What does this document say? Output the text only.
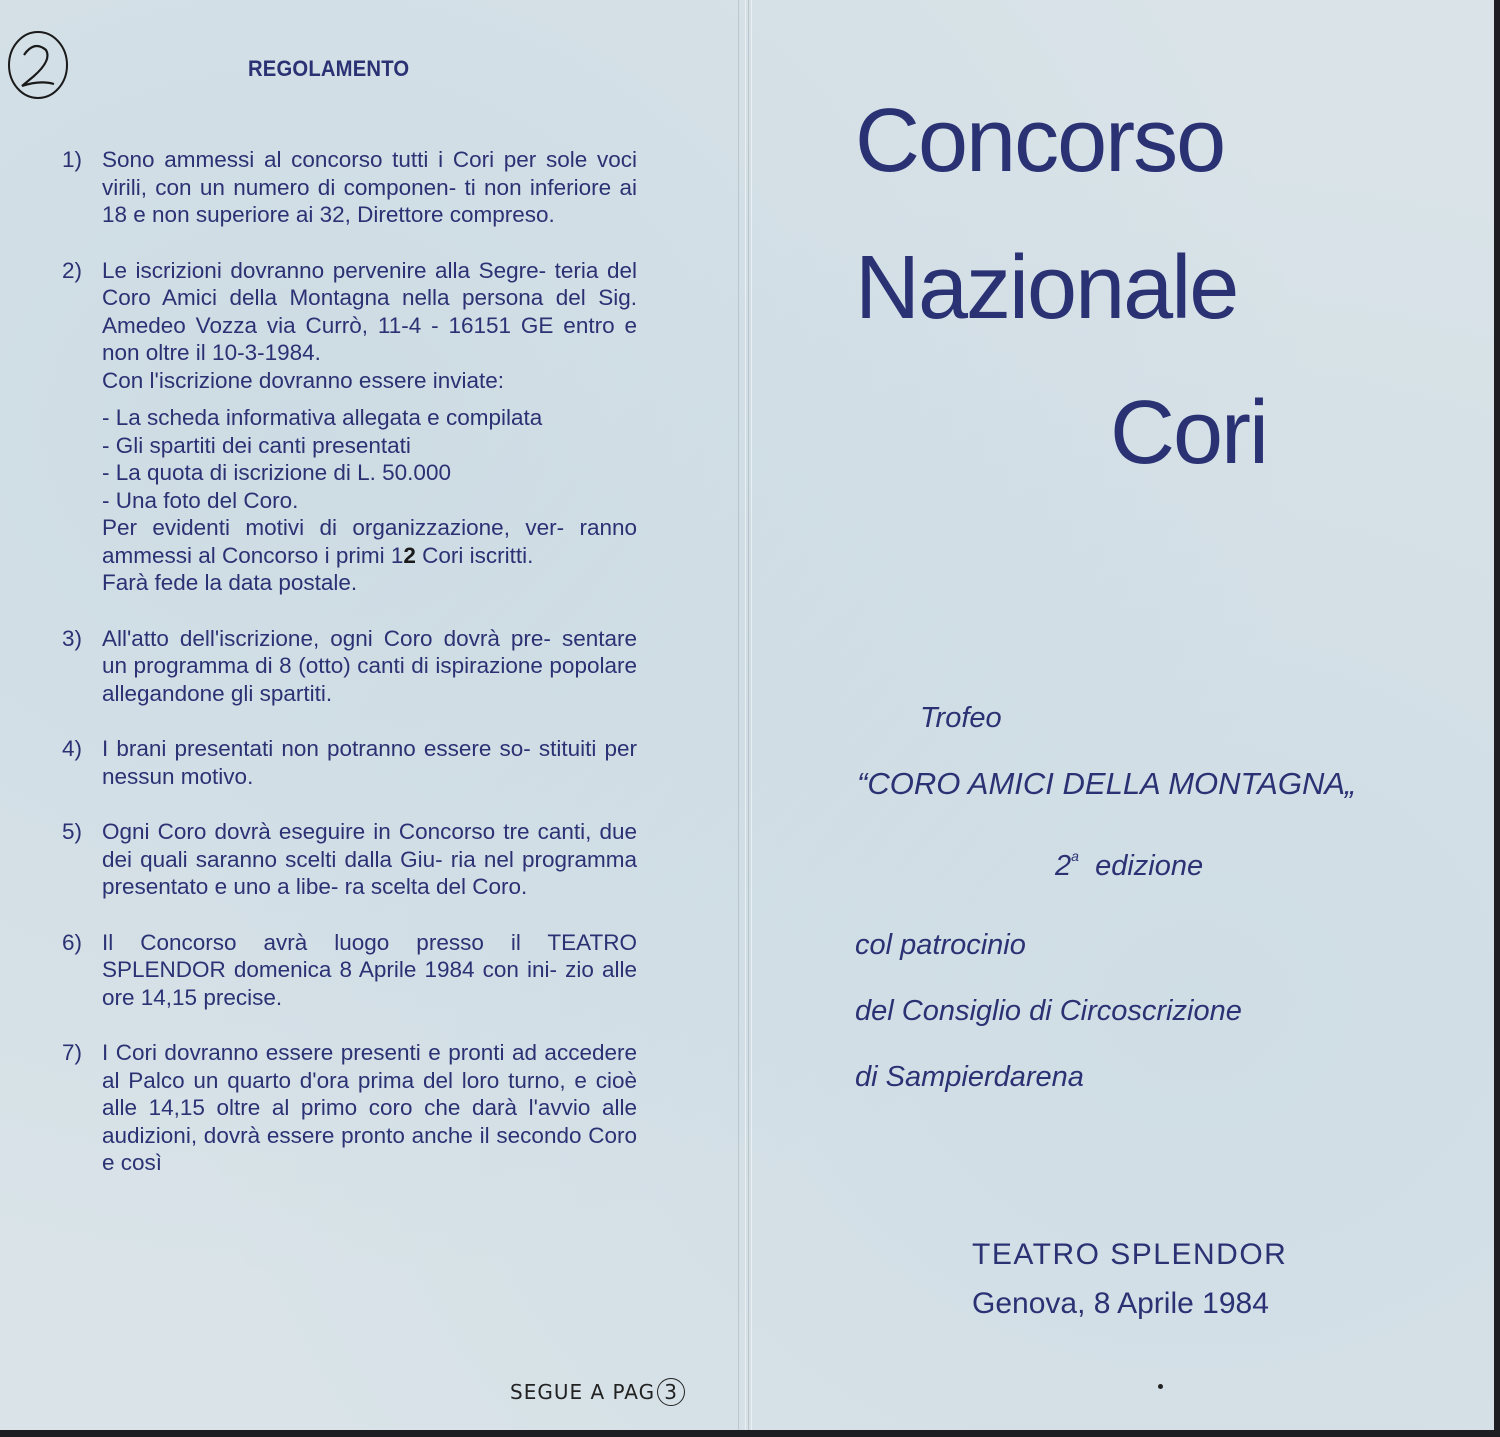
REGOLAMENTO
1) Sono ammessi al concorso tutti i Cori per sole voci virili, con un numero di componen- ti non inferiore ai 18 e non superiore ai 32, Direttore compreso.

2) Le iscrizioni dovranno pervenire alla Segre- teria del Coro Amici della Montagna nella persona del Sig. Amedeo Vozza via Currò, 11-4 - 16151 GE entro e non oltre il 10-3-1984.

Con l'iscrizione dovranno essere inviate:

- La scheda informativa allegata e compilata

- Gli spartiti dei canti presentati

- La quota di iscrizione di L. 50.000

- Una foto del Coro.

Per evidenti motivi di organizzazione, ver- ranno ammessi al Concorso i primi 12 Cori iscritti.

Farà fede la data postale.

3) All'atto dell'iscrizione, ogni Coro dovrà pre- sentare un programma di 8 (otto) canti di ispirazione popolare allegandone gli spartiti.

4) I brani presentati non potranno essere so- stituiti per nessun motivo.

5) Ogni Coro dovrà eseguire in Concorso tre canti, due dei quali saranno scelti dalla Giu- ria nel programma presentato e uno a libe- ra scelta del Coro.

6) Il Concorso avrà luogo presso il TEATRO SPLENDOR domenica 8 Aprile 1984 con ini- zio alle ore 14,15 precise.

7) I Cori dovranno essere presenti e pronti ad accedere al Palco un quarto d'ora prima del loro turno, e cioè alle 14,15 oltre al primo coro che darà l'avvio alle audizioni, dovrà essere pronto anche il secondo Coro e così

SEGUE A PAG 3
Concorso
Nazionale
Cori
Trofeo
“CORO AMICI DELLA MONTAGNA„
2$^a$ edizione
col patrocinio
del Consiglio di Circoscrizione
di Sampierdarena
TEATRO SPLENDOR
Genova, 8 Aprile 1984
